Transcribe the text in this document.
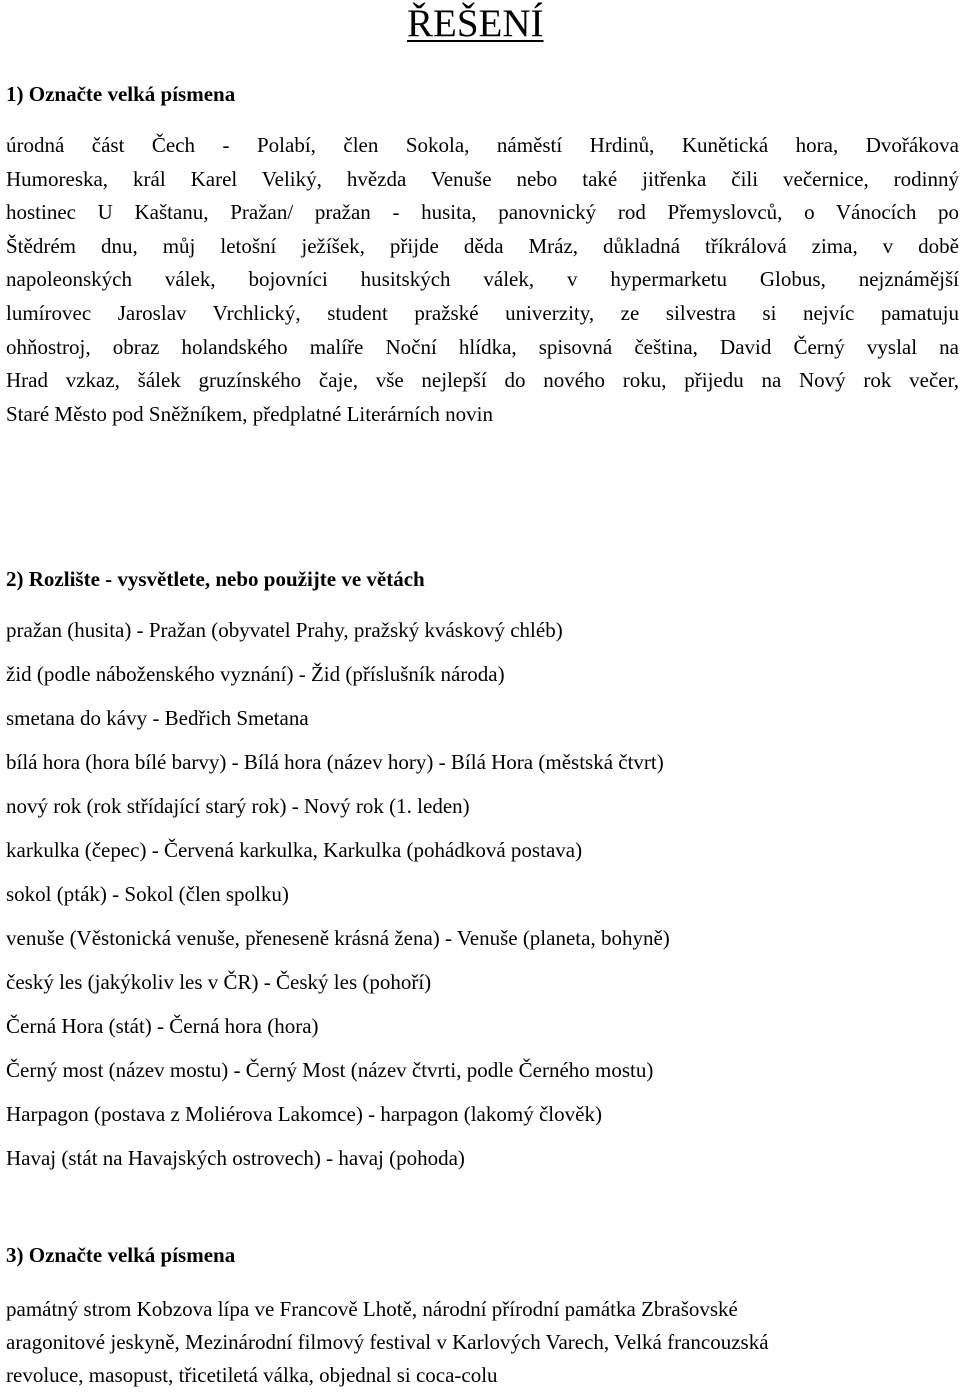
ŘEŠENÍ
1) Označte velká písmena

úrodná část Čech - Polabí, člen Sokola, náměstí Hrdinů, Kunětická hora, Dvořákova
Humoreska, král Karel Veliký, hvězda Venuše nebo také jitřenka čili večernice, rodinný
hostinec U Kaštanu, Pražan/ pražan - husita, panovnický rod Přemyslovců, o Vánocích po
Štědrém dnu, můj letošní ježíšek, přijde děda Mráz, důkladná tříkrálová zima, v době
napoleonských válek, bojovníci husitských válek, v hypermarketu Globus, nejznámější
lumírovec Jaroslav Vrchlický, student pražské univerzity, ze silvestra si nejvíc pamatuju
ohňostroj, obraz holandského malíře Noční hlídka, spisovná čeština, David Černý vyslal na
Hrad vzkaz, šálek gruzínského čaje, vše nejlepší do nového roku, přijedu na Nový rok večer,
Staré Město pod Sněžníkem, předplatné Literárních novin

2) Rozlište - vysvětlete, nebo použijte ve větách
pražan (husita) - Pražan (obyvatel Prahy, pražský kváskový chléb)
žid (podle náboženského vyznání) - Žid (příslušník národa)
smetana do kávy - Bedřich Smetana
bílá hora (hora bílé barvy) - Bílá hora (název hory) - Bílá Hora (městská čtvrt)
nový rok (rok střídající starý rok) - Nový rok (1. leden)
karkulka (čepec) - Červená karkulka, Karkulka (pohádková postava)
sokol (pták) - Sokol (člen spolku)
venuše (Věstonická venuše, přeneseně krásná žena) - Venuše (planeta, bohyně)
český les (jakýkoliv les v ČR) - Český les (pohoří)
Černá Hora (stát) - Černá hora (hora)
Černý most (název mostu) - Černý Most (název čtvrti, podle Černého mostu)
Harpagon (postava z Moliérova Lakomce) - harpagon (lakomý člověk)
Havaj (stát na Havajských ostrovech) - havaj (pohoda)
3) Označte velká písmena

památný strom Kobzova lípa ve Francově Lhotě, národní přírodní památka Zbrašovské
aragonitové jeskyně, Mezinárodní filmový festival v Karlových Varech, Velká francouzská
revoluce, masopust, třicetiletá válka, objednal si coca-colu
